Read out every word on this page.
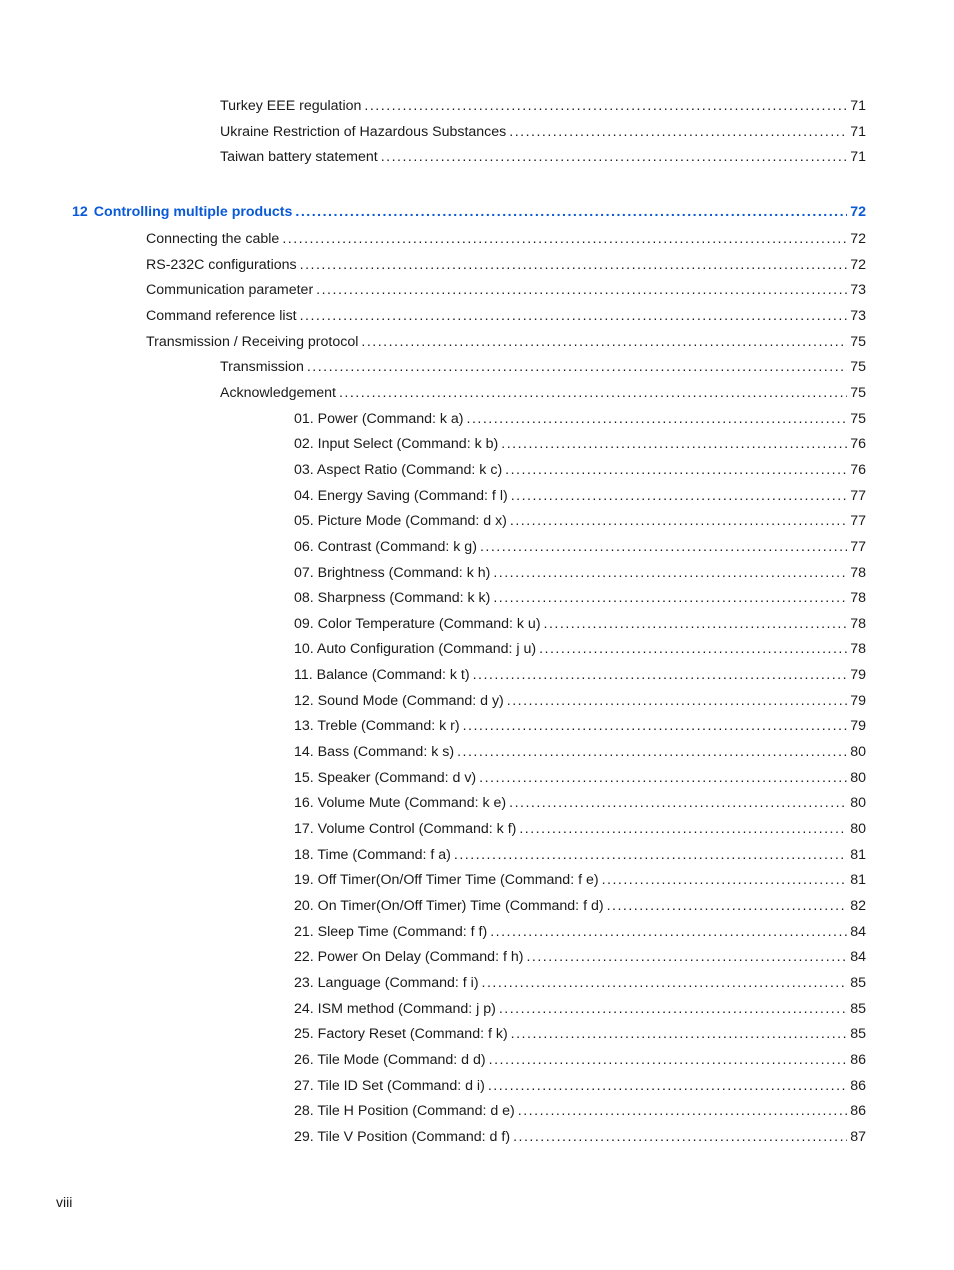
Turkey EEE regulation .....	71
Ukraine Restriction of Hazardous Substances .....	71
Taiwan battery statement .....	71
12 Controlling multiple products .....	72
Connecting the cable .....	72
RS-232C configurations .....	72
Communication parameter .....	73
Command reference list .....	73
Transmission / Receiving protocol .....	75
Transmission .....	75
Acknowledgement .....	75
01. Power (Command: k a) .....	75
02. Input Select (Command: k b) .....	76
03. Aspect Ratio (Command: k c) .....	76
04. Energy Saving (Command: f l) .....	77
05. Picture Mode (Command: d x) .....	77
06. Contrast (Command: k g) .....	77
07. Brightness (Command: k h) .....	78
08. Sharpness (Command: k k) .....	78
09. Color Temperature (Command: k u) .....	78
10. Auto Configuration (Command: j u) .....	78
11. Balance (Command: k t) .....	79
12. Sound Mode (Command: d y) .....	79
13. Treble (Command: k r) .....	79
14. Bass (Command: k s) .....	80
15. Speaker (Command: d v) .....	80
16. Volume Mute (Command: k e) .....	80
17. Volume Control (Command: k f) .....	80
18. Time (Command: f a) .....	81
19. Off Timer(On/Off Timer Time (Command: f e) .....	81
20. On Timer(On/Off Timer) Time (Command: f d) .....	82
21. Sleep Time (Command: f f) .....	84
22. Power On Delay (Command: f h) .....	84
23. Language (Command: f i) .....	85
24. ISM method (Command: j p) .....	85
25. Factory Reset (Command: f k) .....	85
26. Tile Mode (Command: d d) .....	86
27. Tile ID Set (Command: d i) .....	86
28. Tile H Position (Command: d e) .....	86
29. Tile V Position (Command: d f) .....	87
viii
